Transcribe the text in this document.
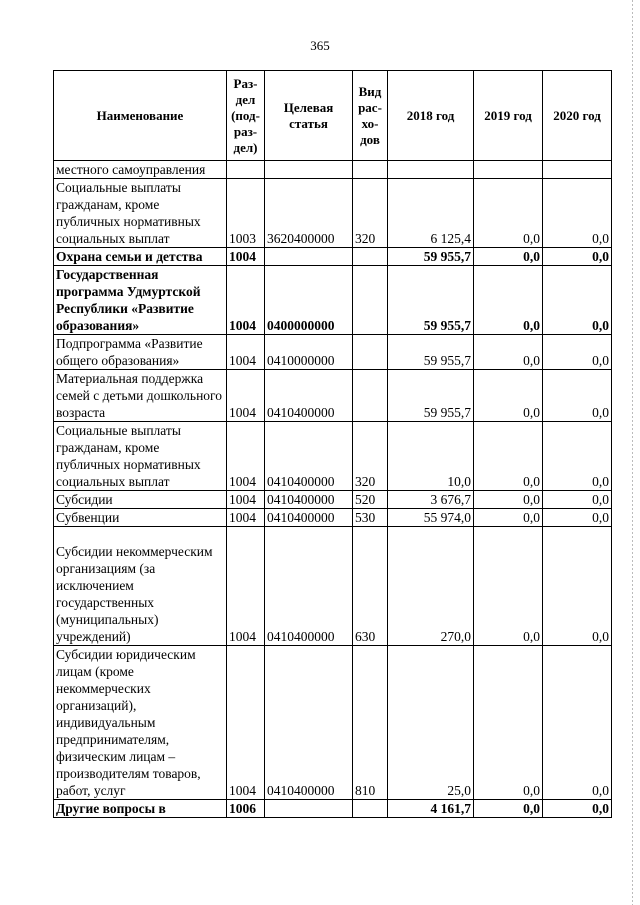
365
Наименование	Раз-дел (под-раз-дел)	Целевая статья	Вид рас-хо-дов	2018 год	2019 год	2020 год
местного самоуправления						
Социальные выплаты гражданам, кроме публичных нормативных социальных выплат	1003	3620400000	320	6 125,4	0,0	0,0
Охрана семьи и детства	1004			59 955,7	0,0	0,0
Государственная программа Удмуртской Республики «Развитие образования»	1004	0400000000		59 955,7	0,0	0,0
Подпрограмма «Развитие общего образования»	1004	0410000000		59 955,7	0,0	0,0
Материальная поддержка семей с детьми дошкольного возраста	1004	0410400000		59 955,7	0,0	0,0
Социальные выплаты гражданам, кроме публичных нормативных социальных выплат	1004	0410400000	320	10,0	0,0	0,0
Субсидии	1004	0410400000	520	3 676,7	0,0	0,0
Субвенции	1004	0410400000	530	55 974,0	0,0	0,0
Субсидии некоммерческим организациям (за исключением государственных (муниципальных) учреждений)	1004	0410400000	630	270,0	0,0	0,0
Субсидии юридическим лицам (кроме некоммерческих организаций), индивидуальным предпринимателям, физическим лицам – производителям товаров, работ, услуг	1004	0410400000	810	25,0	0,0	0,0
Другие вопросы в	1006			4 161,7	0,0	0,0
